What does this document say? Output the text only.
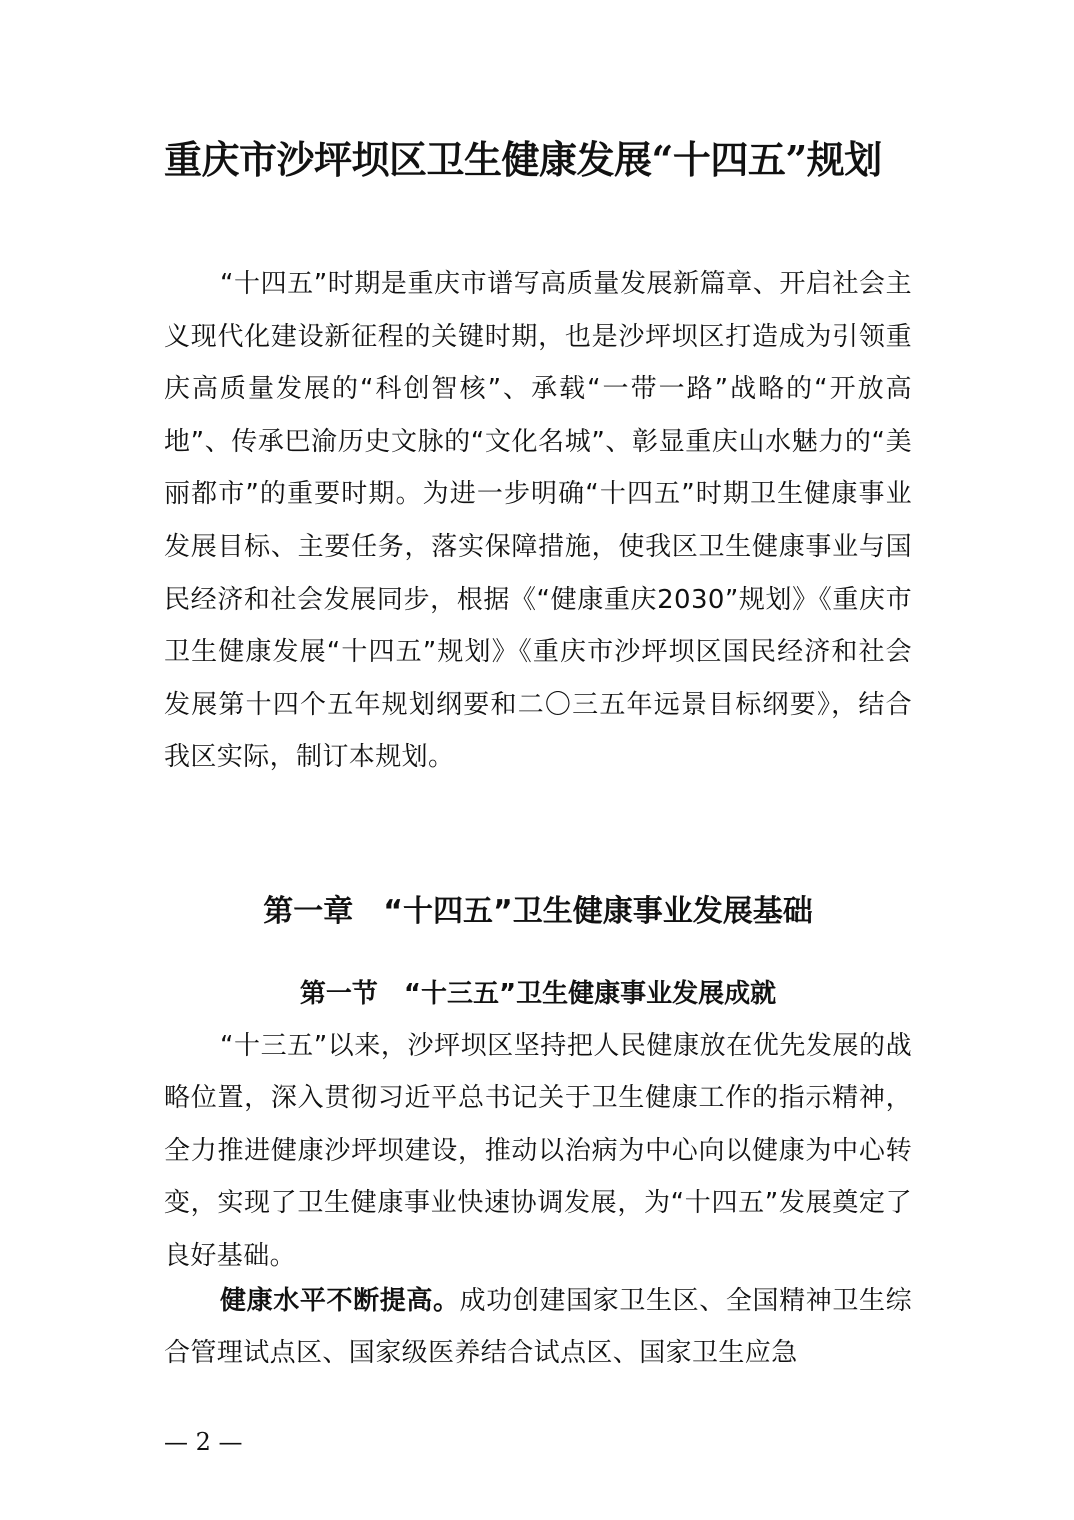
重庆市沙坪坝区卫生健康发展“十四五”规划

“十四五”时期是重庆市谱写高质量发展新篇章、开启社会主义现代化建设新征程的关键时期，也是沙坪坝区打造成为引领重庆高质量发展的“科创智核”、承载“一带一路”战略的“开放高地”、传承巴渝历史文脉的“文化名城”、彰显重庆山水魅力的“美丽都市”的重要时期。为进一步明确“十四五”时期卫生健康事业发展目标、主要任务，落实保障措施，使我区卫生健康事业与国民经济和社会发展同步，根据《“健康重庆2030”规划》《重庆市卫生健康发展“十四五”规划》《重庆市沙坪坝区国民经济和社会发展第十四个五年规划纲要和二〇三五年远景目标纲要》，结合我区实际，制订本规划。

第一章　“十四五”卫生健康事业发展基础
第一节　“十三五”卫生健康事业发展成就

“十三五”以来，沙坪坝区坚持把人民健康放在优先发展的战略位置，深入贯彻习近平总书记关于卫生健康工作的指示精神，全力推进健康沙坪坝建设，推动以治病为中心向以健康为中心转变，实现了卫生健康事业快速协调发展，为“十四五”发展奠定了良好基础。

健康水平不断提高。成功创建国家卫生区、全国精神卫生综合管理试点区、国家级医养结合试点区、国家卫生应急

— 2 —
